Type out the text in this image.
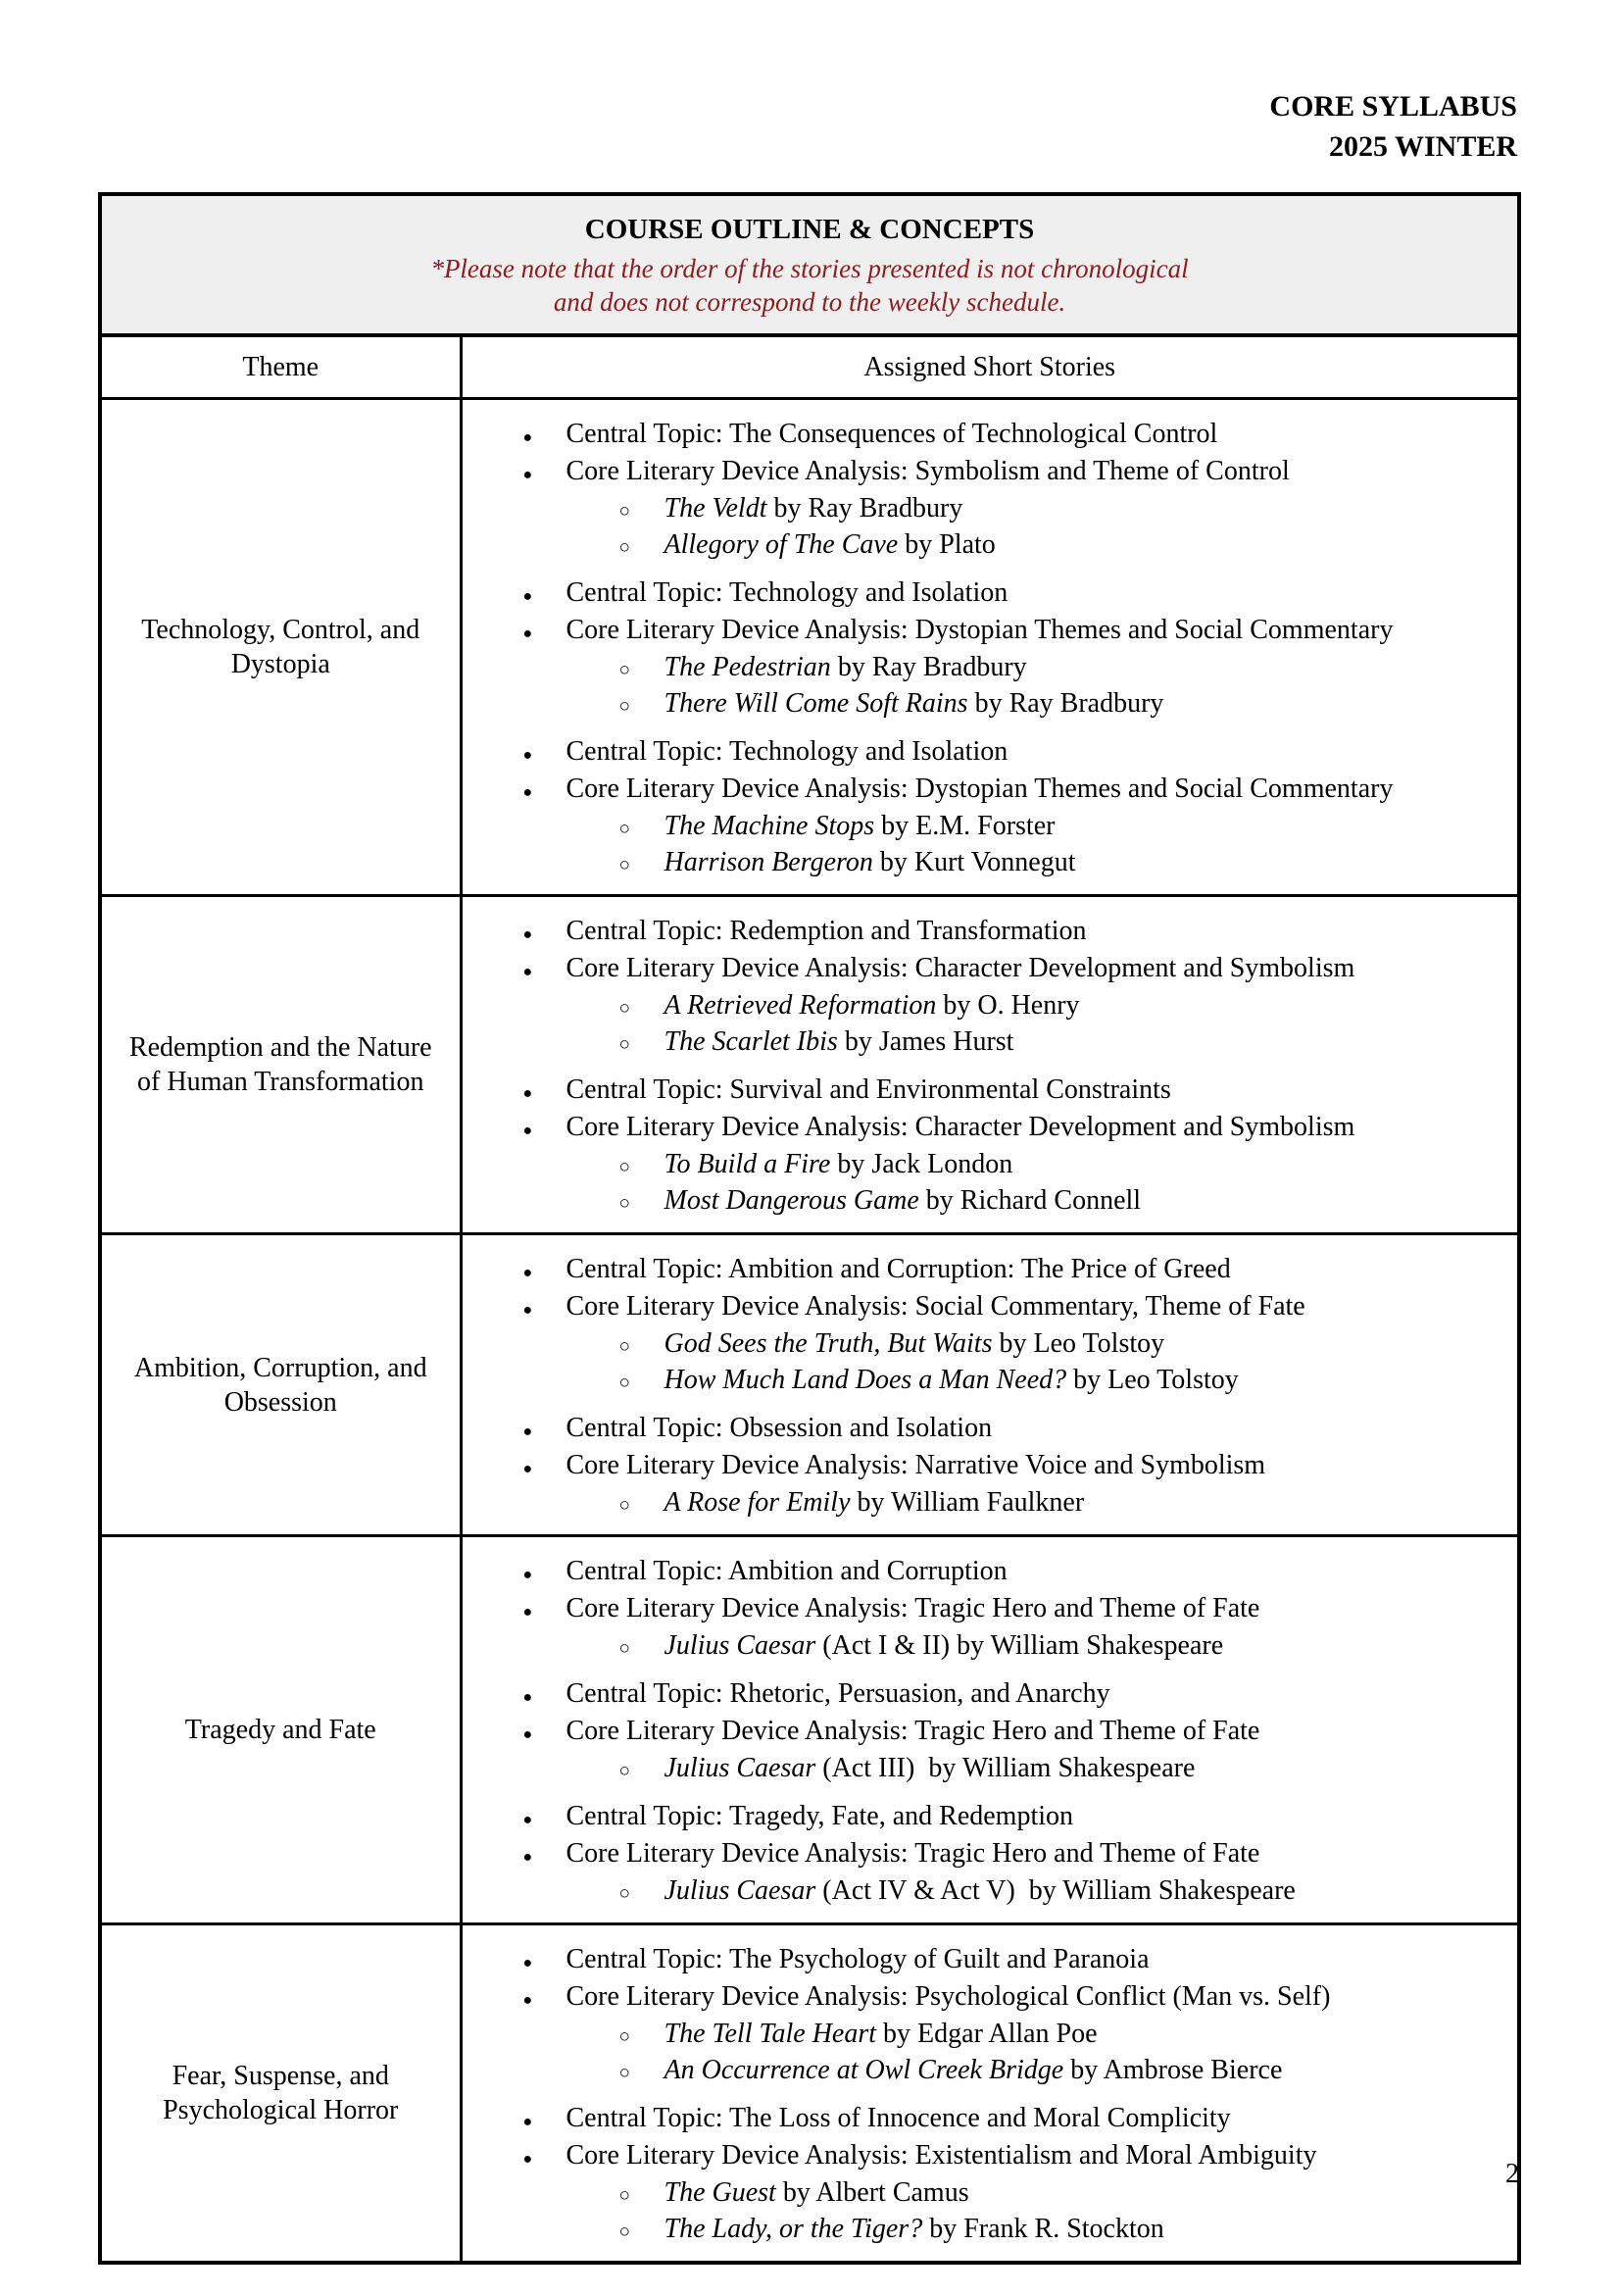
CORE SYLLABUS
2025 WINTER
COURSE OUTLINE & CONCEPTS
*Please note that the order of the stories presented is not chronological
and does not correspond to the weekly schedule.	

Theme	Assigned Short Stories
Technology, Control, and Dystopia	
●	Central Topic: The Consequences of Technological Control
●	Core Literary Device Analysis: Symbolism and Theme of Control
○	The Veldt by Ray Bradbury
○	Allegory of The Cave by Plato
●	Central Topic: Technology and Isolation
●	Core Literary Device Analysis: Dystopian Themes and Social Commentary
○	The Pedestrian by Ray Bradbury
○	There Will Come Soft Rains by Ray Bradbury
●	Central Topic: Technology and Isolation
●	Core Literary Device Analysis: Dystopian Themes and Social Commentary
○	The Machine Stops by E.M. Forster
○	Harrison Bergeron by Kurt Vonnegut

Redemption and the Nature of Human Transformation	
●	Central Topic: Redemption and Transformation
●	Core Literary Device Analysis: Character Development and Symbolism
○	A Retrieved Reformation by O. Henry
○	The Scarlet Ibis by James Hurst
●	Central Topic: Survival and Environmental Constraints
●	Core Literary Device Analysis: Character Development and Symbolism
○	To Build a Fire by Jack London
○	Most Dangerous Game by Richard Connell

Ambition, Corruption, and Obsession	
●	Central Topic: Ambition and Corruption: The Price of Greed
●	Core Literary Device Analysis: Social Commentary, Theme of Fate
○	God Sees the Truth, But Waits by Leo Tolstoy
○	How Much Land Does a Man Need? by Leo Tolstoy
●	Central Topic: Obsession and Isolation
●	Core Literary Device Analysis: Narrative Voice and Symbolism
○	A Rose for Emily by William Faulkner

Tragedy and Fate	
●	Central Topic: Ambition and Corruption
●	Core Literary Device Analysis: Tragic Hero and Theme of Fate
○	Julius Caesar (Act I & II) by William Shakespeare
●	Central Topic: Rhetoric, Persuasion, and Anarchy
●	Core Literary Device Analysis: Tragic Hero and Theme of Fate
○	Julius Caesar (Act III)  by William Shakespeare
●	Central Topic: Tragedy, Fate, and Redemption
●	Core Literary Device Analysis: Tragic Hero and Theme of Fate
○	Julius Caesar (Act IV & Act V)  by William Shakespeare

Fear, Suspense, and Psychological Horror	
●	Central Topic: The Psychology of Guilt and Paranoia
●	Core Literary Device Analysis: Psychological Conflict (Man vs. Self)
○	The Tell Tale Heart by Edgar Allan Poe
○	An Occurrence at Owl Creek Bridge by Ambrose Bierce
●	Central Topic: The Loss of Innocence and Moral Complicity
●	Core Literary Device Analysis: Existentialism and Moral Ambiguity
○	The Guest by Albert Camus
○	The Lady, or the Tiger? by Frank R. Stockton
2
